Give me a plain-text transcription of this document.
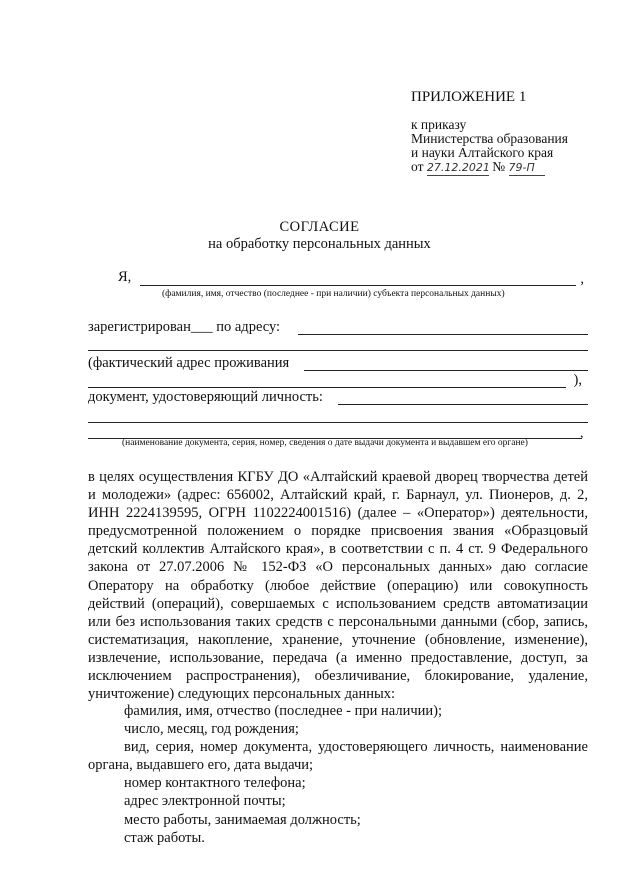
ПРИЛОЖЕНИЕ 1
к приказу
Министерства образования
и науки Алтайского края
от 27.12.2021 № 79-П
СОГЛАСИЕ
на обработку персональных данных
Я,	,
(фамилия, имя, отчество (последнее - при наличии) субъекта персональных данных)
зарегистрирован___ по адресу:
(фактический адрес проживания
),
документ, удостоверяющий личность:
,
(наименование документа, серия, номер, сведения о дате выдачи документа и выдавшем его органе)

в целях осуществления КГБУ ДО «Алтайский краевой дворец творчества детей и молодежи» (адрес: 656002, Алтайский край, г. Барнаул, ул. Пионеров, д. 2, ИНН 2224139595, ОГРН 1102224001516) (далее – «Оператор») деятельности, предусмотренной положением о порядке присвоения звания «Образцовый детский коллектив Алтайского края», в соответствии с п. 4 ст. 9 Федерального закона от 27.07.2006 № 152-ФЗ «О персональных данных» даю согласие Оператору на обработку (любое действие (операцию) или совокупность действий (операций), совершаемых с использованием средств автоматизации или без использования таких средств с персональными данными (сбор, запись, систематизация, накопление, хранение, уточнение (обновление, изменение), извлечение, использование, передача (а именно предоставление, доступ, за исключением распространения), обезличивание, блокирование, удаление, уничтожение) следующих персональных данных:

фамилия, имя, отчество (последнее - при наличии);
число, месяц, год рождения;
вид, серия, номер документа, удостоверяющего личность, наименование органа, выдавшего его, дата выдачи;
номер контактного телефона;
адрес электронной почты;
место работы, занимаемая должность;
стаж работы.
